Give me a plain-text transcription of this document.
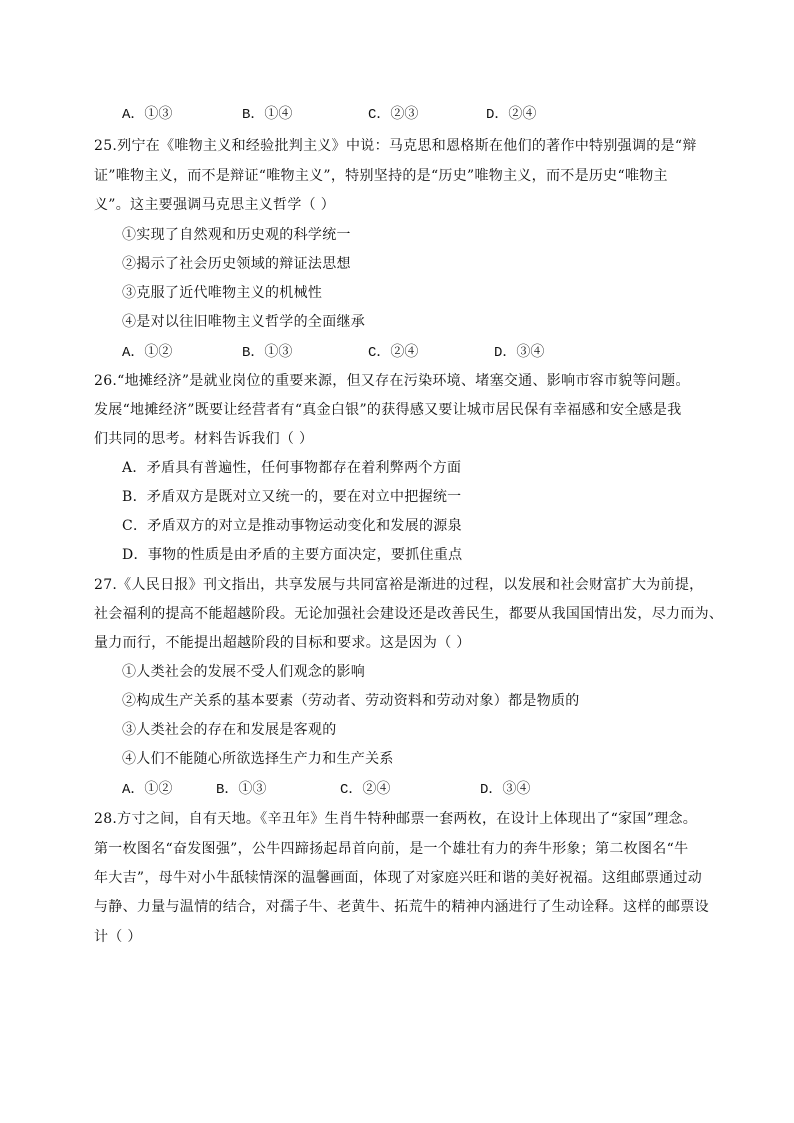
A．①③	B．①④	C．②③	D．②④
25.列宁在《唯物主义和经验批判主义》中说：马克思和恩格斯在他们的著作中特别强调的是“辩
证”唯物主义，而不是辩证“唯物主义”，特别坚持的是“历史”唯物主义，而不是历史“唯物主
义”。这主要强调马克思主义哲学（ ）
①实现了自然观和历史观的科学统一
②揭示了社会历史领域的辩证法思想
③克服了近代唯物主义的机械性
④是对以往旧唯物主义哲学的全面继承
A．①②	B．①③	C．②④	D．③④
26.“地摊经济”是就业岗位的重要来源，但又存在污染环境、堵塞交通、影响市容市貌等问题。
发展“地摊经济”既要让经营者有“真金白银”的获得感又要让城市居民保有幸福感和安全感是我
们共同的思考。材料告诉我们（ ）
A．矛盾具有普遍性，任何事物都存在着利弊两个方面
B．矛盾双方是既对立又统一的，要在对立中把握统一
C．矛盾双方的对立是推动事物运动变化和发展的源泉
D．事物的性质是由矛盾的主要方面决定，要抓住重点
27.《人民日报》刊文指出，共享发展与共同富裕是渐进的过程，以发展和社会财富扩大为前提，
社会福利的提高不能超越阶段。无论加强社会建设还是改善民生，都要从我国国情出发，尽力而为、
量力而行，不能提出超越阶段的目标和要求。这是因为（ ）
①人类社会的发展不受人们观念的影响
②构成生产关系的基本要素（劳动者、劳动资料和劳动对象）都是物质的
③人类社会的存在和发展是客观的
④人们不能随心所欲选择生产力和生产关系
A．①②	B．①③	C．②④	D．③④
28.方寸之间，自有天地。《辛丑年》生肖牛特种邮票一套两枚，在设计上体现出了“家国”理念。
第一枚图名“奋发图强”，公牛四蹄扬起昂首向前，是一个雄壮有力的奔牛形象；第二枚图名“牛
年大吉”，母牛对小牛舐犊情深的温馨画面，体现了对家庭兴旺和谐的美好祝福。这组邮票通过动
与静、力量与温情的结合，对孺子牛、老黄牛、拓荒牛的精神内涵进行了生动诠释。这样的邮票设
计（ ）
